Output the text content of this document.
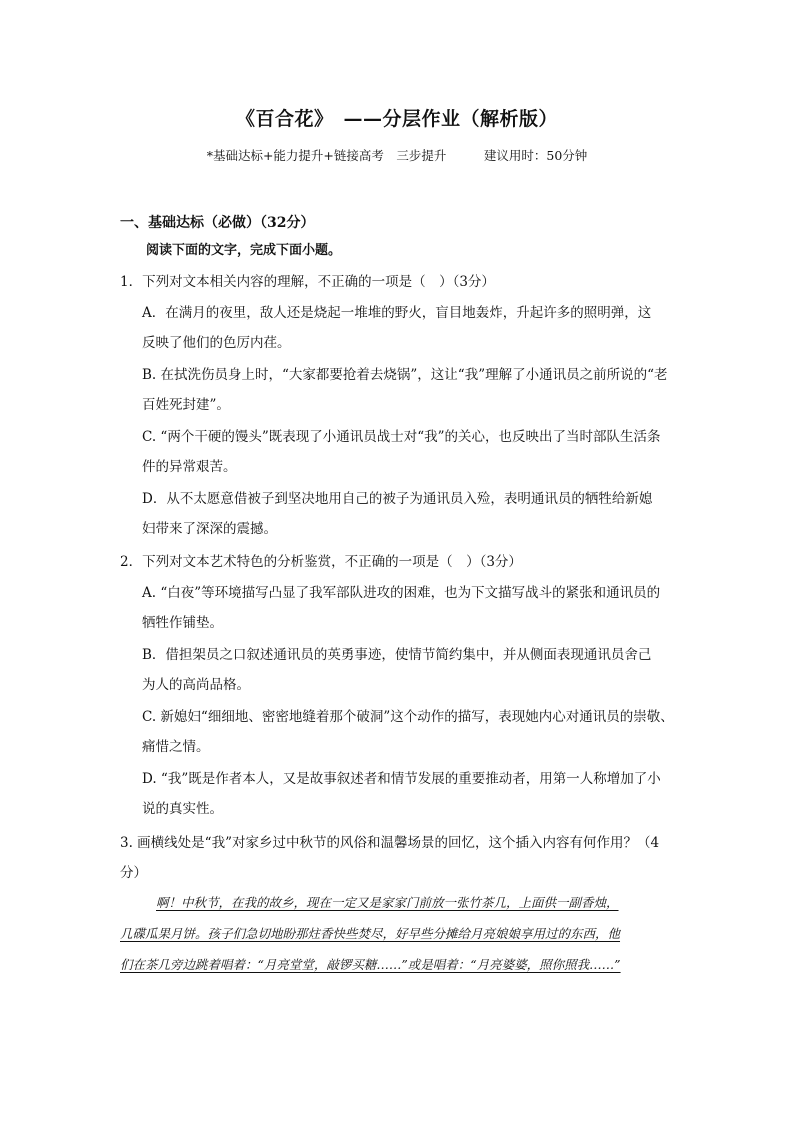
《百合花》　——分层作业（解析版）
*基础达标+能力提升+链接高考　三步提升　　　建议用时：50分钟
一、基础达标（必做）（32分）
阅读下面的文字，完成下面小题。
1．下列对文本相关内容的理解，不正确的一项是（　）（3分）
A．在满月的夜里，敌人还是烧起一堆堆的野火，盲目地轰炸，升起许多的照明弹，这
反映了他们的色厉内荏。
B. 在拭洗伤员身上时，“大家都要抢着去烧锅”，这让“我”理解了小通讯员之前所说的“老
百姓死封建”。
C. “两个干硬的馒头”既表现了小通讯员战士对“我”的关心，也反映出了当时部队生活条
件的异常艰苦。
D．从不太愿意借被子到坚决地用自己的被子为通讯员入殓，表明通讯员的牺牲给新媳
妇带来了深深的震撼。
2．下列对文本艺术特色的分析鉴赏，不正确的一项是（　）（3分）
A. “白夜”等环境描写凸显了我军部队进攻的困难，也为下文描写战斗的紧张和通讯员的
牺牲作铺垫。
B．借担架员之口叙述通讯员的英勇事迹，使情节简约集中，并从侧面表现通讯员舍己
为人的高尚品格。
C. 新媳妇“细细地、密密地缝着那个破洞”这个动作的描写，表现她内心对通讯员的崇敬、
痛惜之情。
D. “我”既是作者本人，又是故事叙述者和情节发展的重要推动者，用第一人称增加了小
说的真实性。
3. 画横线处是“我”对家乡过中秋节的风俗和温馨场景的回忆，这个插入内容有何作用？（4
分）
啊！中秋节，在我的故乡，现在一定又是家家门前放一张竹茶几，上面供一副香烛，
几碟瓜果月饼。孩子们急切地盼那炷香快些焚尽，好早些分摊给月亮娘娘享用过的东西，他
们在茶几旁边跳着唱着：“月亮堂堂，敲锣买糖……”或是唱着：“月亮婆婆，照你照我……”
